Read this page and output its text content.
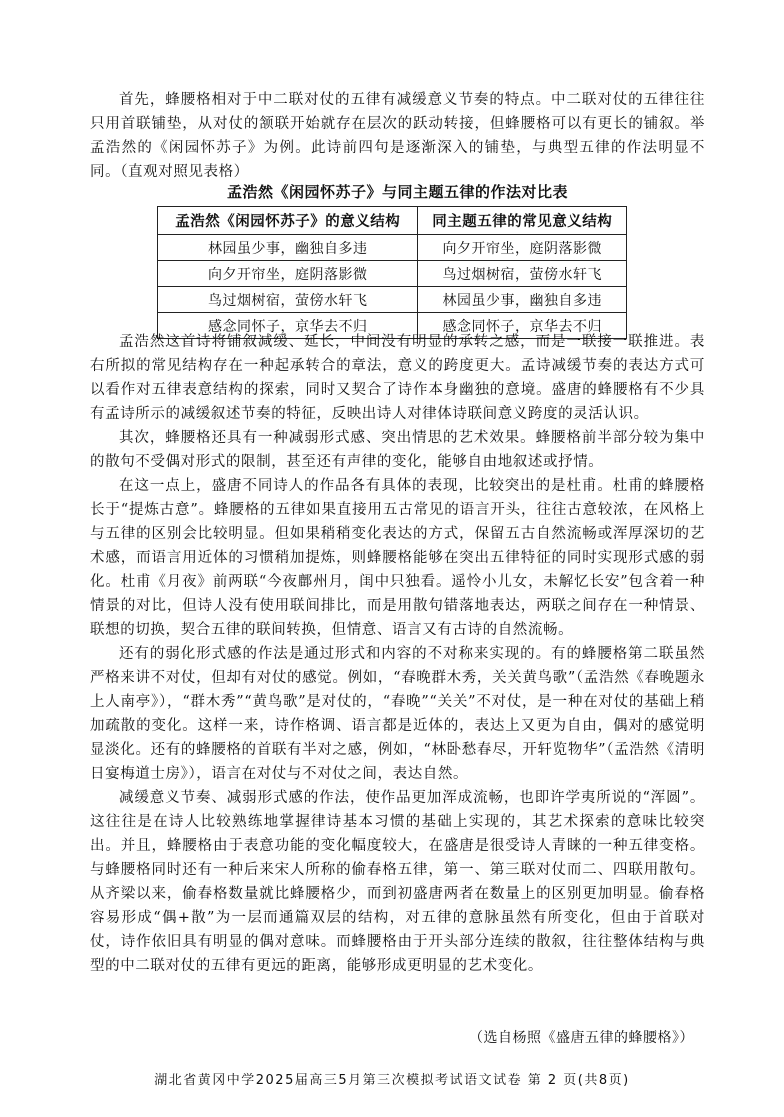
首先，蜂腰格相对于中二联对仗的五律有减缓意义节奏的特点。中二联对仗的五律往往只用首联铺垫，从对仗的颔联开始就存在层次的跃动转接，但蜂腰格可以有更长的铺叙。举孟浩然的《闲园怀苏子》为例。此诗前四句是逐渐深入的铺垫，与典型五律的作法明显不同。（直观对照见表格）

孟浩然《闲园怀苏子》与同主题五律的作法对比表
孟浩然《闲园怀苏子》的意义结构	同主题五律的常见意义结构
林园虽少事，幽独自多违	向夕开帘坐，庭阴落影微
向夕开帘坐，庭阴落影微	鸟过烟树宿，萤傍水轩飞
鸟过烟树宿，萤傍水轩飞	林园虽少事，幽独自多违
感念同怀子，京华去不归	感念同怀子，京华去不归

孟浩然这首诗将铺叙减缓、延长，中间没有明显的承转之感，而是一联接一联推进。表右所拟的常见结构存在一种起承转合的章法，意义的跨度更大。孟诗减缓节奏的表达方式可以看作对五律表意结构的探索，同时又契合了诗作本身幽独的意境。盛唐的蜂腰格有不少具有孟诗所示的减缓叙述节奏的特征，反映出诗人对律体诗联间意义跨度的灵活认识。

其次，蜂腰格还具有一种减弱形式感、突出情思的艺术效果。蜂腰格前半部分较为集中的散句不受偶对形式的限制，甚至还有声律的变化，能够自由地叙述或抒情。

在这一点上，盛唐不同诗人的作品各有具体的表现，比较突出的是杜甫。杜甫的蜂腰格长于“提炼古意”。蜂腰格的五律如果直接用五古常见的语言开头，往往古意较浓，在风格上与五律的区别会比较明显。但如果稍稍变化表达的方式，保留五古自然流畅或浑厚深切的艺术感，而语言用近体的习惯稍加提炼，则蜂腰格能够在突出五律特征的同时实现形式感的弱化。杜甫《月夜》前两联“今夜鄜州月，闺中只独看。遥怜小儿女，未解忆长安”包含着一种情景的对比，但诗人没有使用联间排比，而是用散句错落地表达，两联之间存在一种情景、联想的切换，契合五律的联间转换，但情意、语言又有古诗的自然流畅。

还有的弱化形式感的作法是通过形式和内容的不对称来实现的。有的蜂腰格第二联虽然严格来讲不对仗，但却有对仗的感觉。例如，“春晚群木秀，关关黄鸟歌”（孟浩然《春晚题永上人南亭》），“群木秀”“黄鸟歌”是对仗的，“春晚”“关关”不对仗，是一种在对仗的基础上稍加疏散的变化。这样一来，诗作格调、语言都是近体的，表达上又更为自由，偶对的感觉明显淡化。还有的蜂腰格的首联有半对之感，例如，“林卧愁春尽，开轩览物华”（孟浩然《清明日宴梅道士房》），语言在对仗与不对仗之间，表达自然。

减缓意义节奏、减弱形式感的作法，使作品更加浑成流畅，也即许学夷所说的“浑圆”。这往往是在诗人比较熟练地掌握律诗基本习惯的基础上实现的，其艺术探索的意味比较突出。并且，蜂腰格由于表意功能的变化幅度较大，在盛唐是很受诗人青睐的一种五律变格。与蜂腰格同时还有一种后来宋人所称的偷春格五律，第一、第三联对仗而二、四联用散句。从齐梁以来，偷春格数量就比蜂腰格少，而到初盛唐两者在数量上的区别更加明显。偷春格容易形成“偶+散”为一层而通篇双层的结构，对五律的意脉虽然有所变化，但由于首联对仗，诗作依旧具有明显的偶对意味。而蜂腰格由于开头部分连续的散叙，往往整体结构与典型的中二联对仗的五律有更远的距离，能够形成更明显的艺术变化。

（选自杨照《盛唐五律的蜂腰格》）
湖北省黄冈中学2025届高三5月第三次模拟考试语文试卷 第 2 页(共8页)
